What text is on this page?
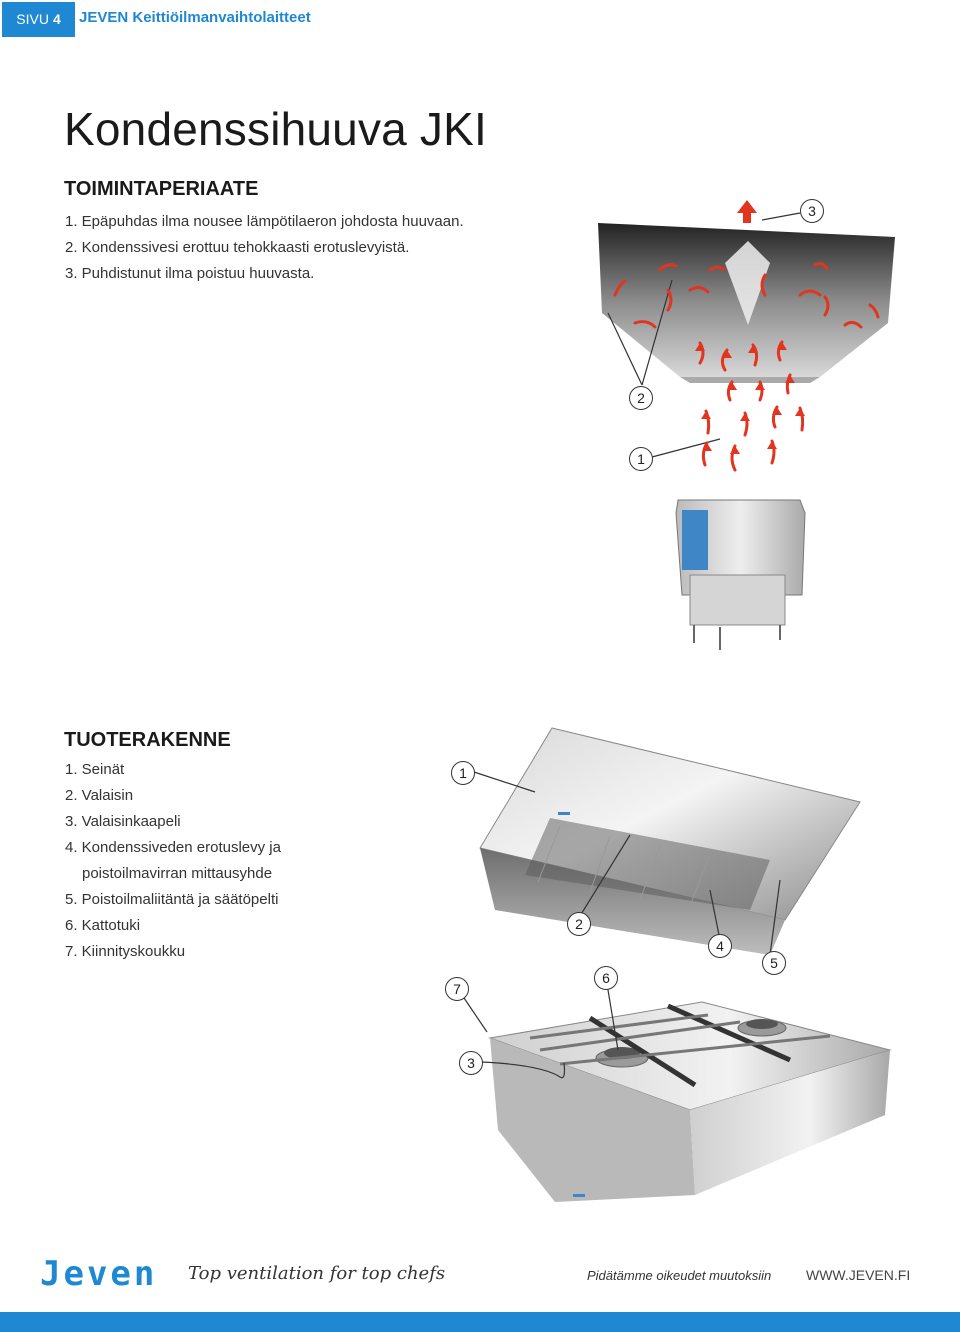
SIVU 4	JEVEN Keittiöilmanvaihtolaitteet
Kondenssihuuva JKI
TOIMINTAPERIAATE
1. Epäpuhdas ilma nousee lämpötilaeron johdosta huuvaan.
2. Kondenssivesi erottuu tehokkaasti erotuslevyistä.
3. Puhdistunut ilma poistuu huuvasta.
3
2
1
TUOTERAKENNE
1. Seinät
2. Valaisin
3. Valaisinkaapeli
4. Kondenssiveden erotuslevy ja
poistoilmavirran mittausyhde
5. Poistoilmaliitäntä ja säätöpelti
6. Kattotuki
7. Kiinnityskoukku
1
2
4
5
6
7
3
Jeven Top ventilation for top chefs	Pidätämme oikeudet muutoksiin WWW.JEVEN.FI
